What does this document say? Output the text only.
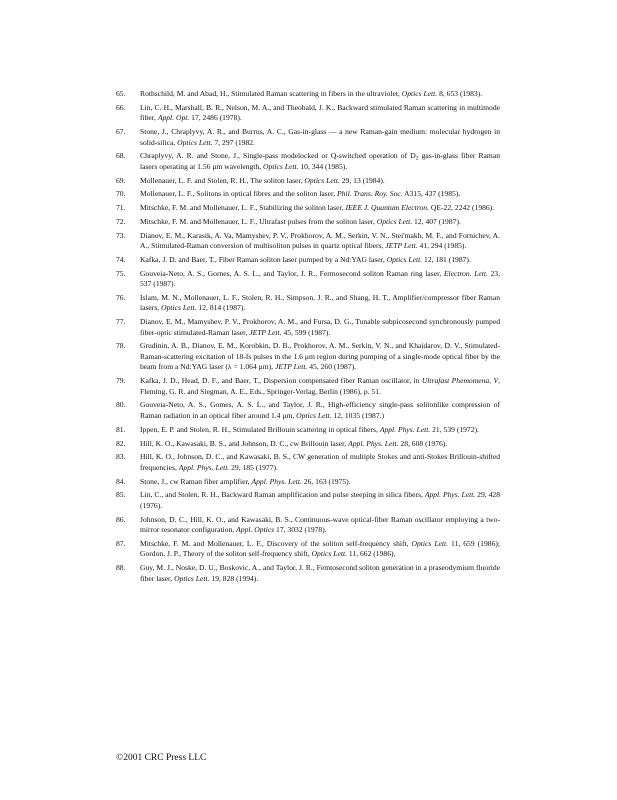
65.	Rothschild, M. and Abad, H., Stimulated Raman scattering in fibers in the ultraviolet, Optics Lett. 8, 653 (1983).
66.	Lin, C. H., Marshall, B. R., Nelson, M. A., and Theobald, J. K., Backward stimulated Raman scattering in multimode fiber, Appl. Opt. 17, 2486 (1978).
67.	Stone, J., Chraplyvy, A. R., and Burrus, A. C., Gas-in-glass — a new Raman-gain medium: molecular hydrogen in solid-silica, Optics Lett. 7, 297 (1982.
68.	Chraplyvy, A. R. and Stone, J., Single-pass modelocked or Q-switched operation of $D_2$ gas-in-glass fiber Raman lasers operating at 1.56 μm wavelength, Optics Lett. 10, 344 (1985).
69.	Mollenauer, L. F. and Stolen, R. H., The soliton laser, Optics Lett. 29, 13 (1984).
70.	Mollenauer, L. F., Solitons in optical fibres and the soliton laser, Phil. Trans. Roy. Soc. A315, 437 (1985).
71.	Mitschke, F. M. and Mollenauer, L. F., Stabilizing the soliton laser, IEEE J. Quantum Electron. QE-22, 2242 (1986).
72.	Mitschke, F. M. and Mollenauer, L. F., Ultrafast pulses from the soliton laser, Optics Lett. 12, 407 (1987).
73.	Dianov, E. M., Karasik, A. Va, Mamyshev, P. V., Prokhorov, A. M., Serkin, V. N., Stei'makh, M. F., and Fornichev, A. A., Stimulated-Raman conversion of multisoliton pulses in quartz optical fibers, JETP Lett. 41, 294 (1985).
74.	Kafka, J. D. and Baer, T., Fiber Raman soliton laser pumped by a Nd:YAG laser, Optics Lett. 12, 181 (1987).
75.	Gouveia-Neto, A. S., Gornes, A. S. L., and Taylor, J. R., Fermosecond soliton Raman ring laser, Electron. Lett. 23, 537 (1987).
76.	Islam, M. N., Mollenauer, L. F., Stolen, R. H., Simpson, J. R., and Shang, H. T., Amplifier/compressor fiber Raman lasers, Optics Lett. 12, 814 (1987).
77.	Dianov, E. M., Mamyshev, P. V., Prokhorov, A. M., and Fursa, D. G., Tunable subpicosecond synchronously pumped fiber-optic stimulated-Raman laser, JETP Lett. 45, 599 (1987).
78.	Grudinin, A. B., Dianov, E. M., Korobkin, D. B., Prokhorov, A. M., Serkin, V. N., and Khaidarov, D. V., Stimulated-Raman-scattering excitation of 18-fs pulses in the 1.6 μm region during pumping of a single-mode optical fiber by the beam from a Nd:YAG laser (λ = 1.064 μm), JETP Lett. 45, 260 (1987).
79.	Kafka, J. D., Head, D. F., and Baer, T., Dispersion compensated fiber Raman oscillator, in Ultrafast Phemomena, V, Fleming, G. R. and Siegman, A. E., Eds., Springer-Verlag, Berlin (1986), p. 51.
80.	Gouveia-Neto, A. S., Gomes, A. S. L., and Taylor, J. R., High-efficiency single-pass solitonlike compression of Raman radiation in an optical fiber around 1.4 μm, Optics Lett. 12, 1035 (1987.)
81.	Ippen, E. P. and Stolen, R. H., Stimulated Brillouin scattering in optical fibers, Appl. Phys. Lett. 21, 539 (1972).
82.	Hill, K. O., Kawasaki, B. S., and Johnson, D. C., cw Brillouin laser, Appl. Phys. Lett. 28, 608 (1976).
83.	Hill, K. O., Johnson, D. C., and Kawasaki, B. S., CW generation of multiple Stokes and anti-Stokes Brillouin-shifted frequencies, Appl. Phys. Lett. 29, 185 (1977).
84.	Stone, J., cw Raman fiber amplifier, Appl. Phys. Lett. 26, 163 (1975).
85.	Lin, C., and Stolen, R. H., Backward Raman amplification and pulse steeping in silica fibers, Appl. Phys. Lett. 29, 428 (1976).
86.	Johnson, D. C., Hill, K. O., and Kawasaki, B. S., Continuous-wave optical-fiber Raman oscillator employing a two-mirror resonator configuration, Appl. Optics 17, 3032 (1978).
87.	Mitschke, F. M. and Mollenauer, L. F., Discovery of the soliton self-frequency shift, Optics Lett. 11, 659 (1986); Gordon, J. P., Theory of the soliton self-frequency shift, Optics Lett. 11, 662 (1986).
88.	Guy, M. J., Noske, D. U., Boskovic, A., and Taylor, J. R., Femtosecond soliton generation in a praseodymium fluoride fiber laser, Optics Lett. 19, 828 (1994).
©2001 CRC Press LLC
